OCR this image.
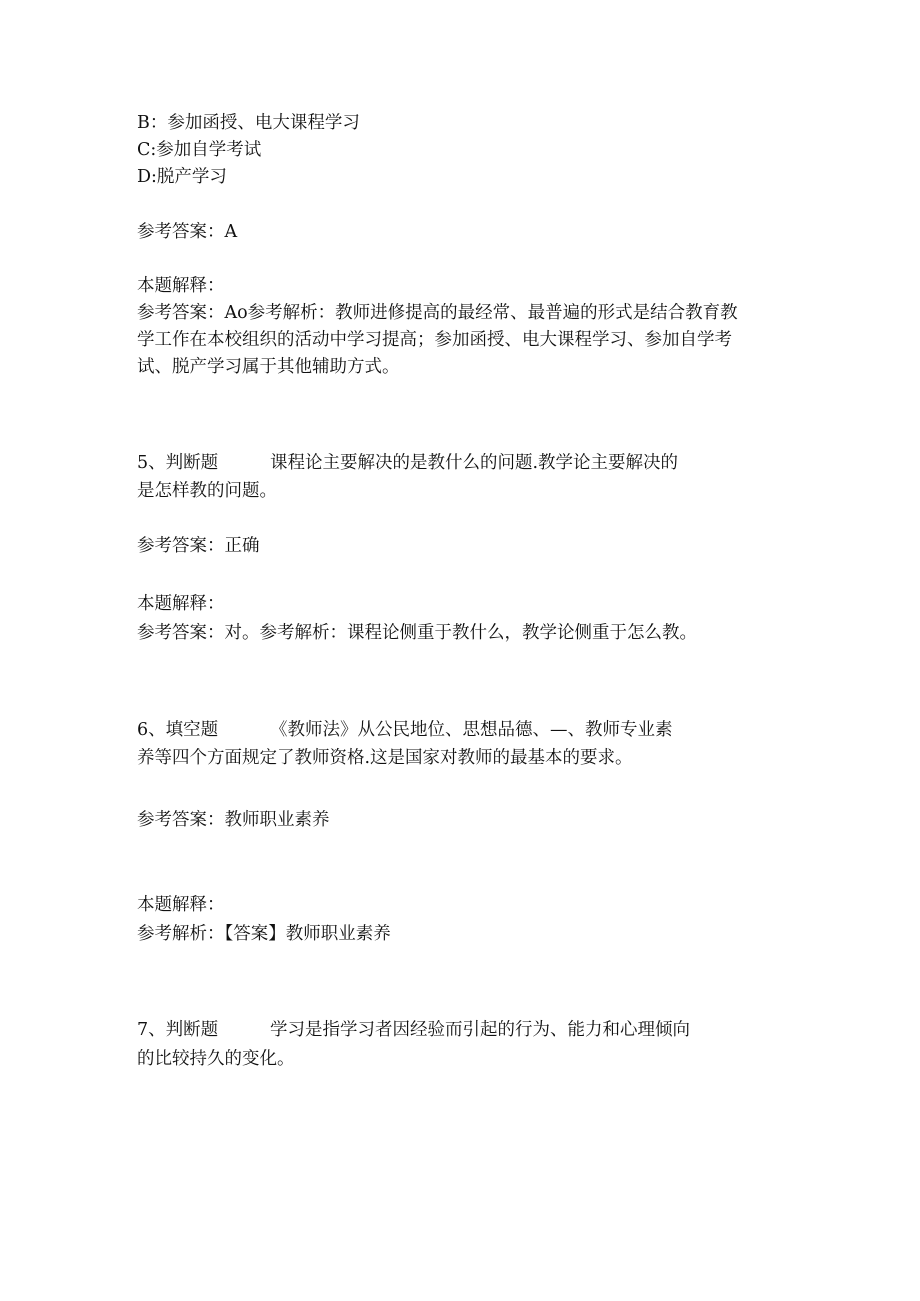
B：参加函授、电大课程学习

C:参加自学考试

D:脱产学习

参考答案：A

本题解释：

参考答案：Ao参考解析：教师进修提高的最经常、最普遍的形式是结合教育教

学工作在本校组织的活动中学习提高；参加函授、电大课程学习、参加自学考

试、脱产学习属于其他辅助方式。

5、判断题	课程论主要解决的是教什么的问题.教学论主要解决的

是怎样教的问题。

参考答案：正确

本题解释：

参考答案：对。参考解析：课程论侧重于教什么，教学论侧重于怎么教。

6、填空题	《教师法》从公民地位、思想品德、—、教师专业素

养等四个方面规定了教师资格.这是国家对教师的最基本的要求。

参考答案：教师职业素养

本题解释：

参考解析：【答案】教师职业素养

7、判断题	学习是指学习者因经验而引起的行为、能力和心理倾向

的比较持久的变化。
